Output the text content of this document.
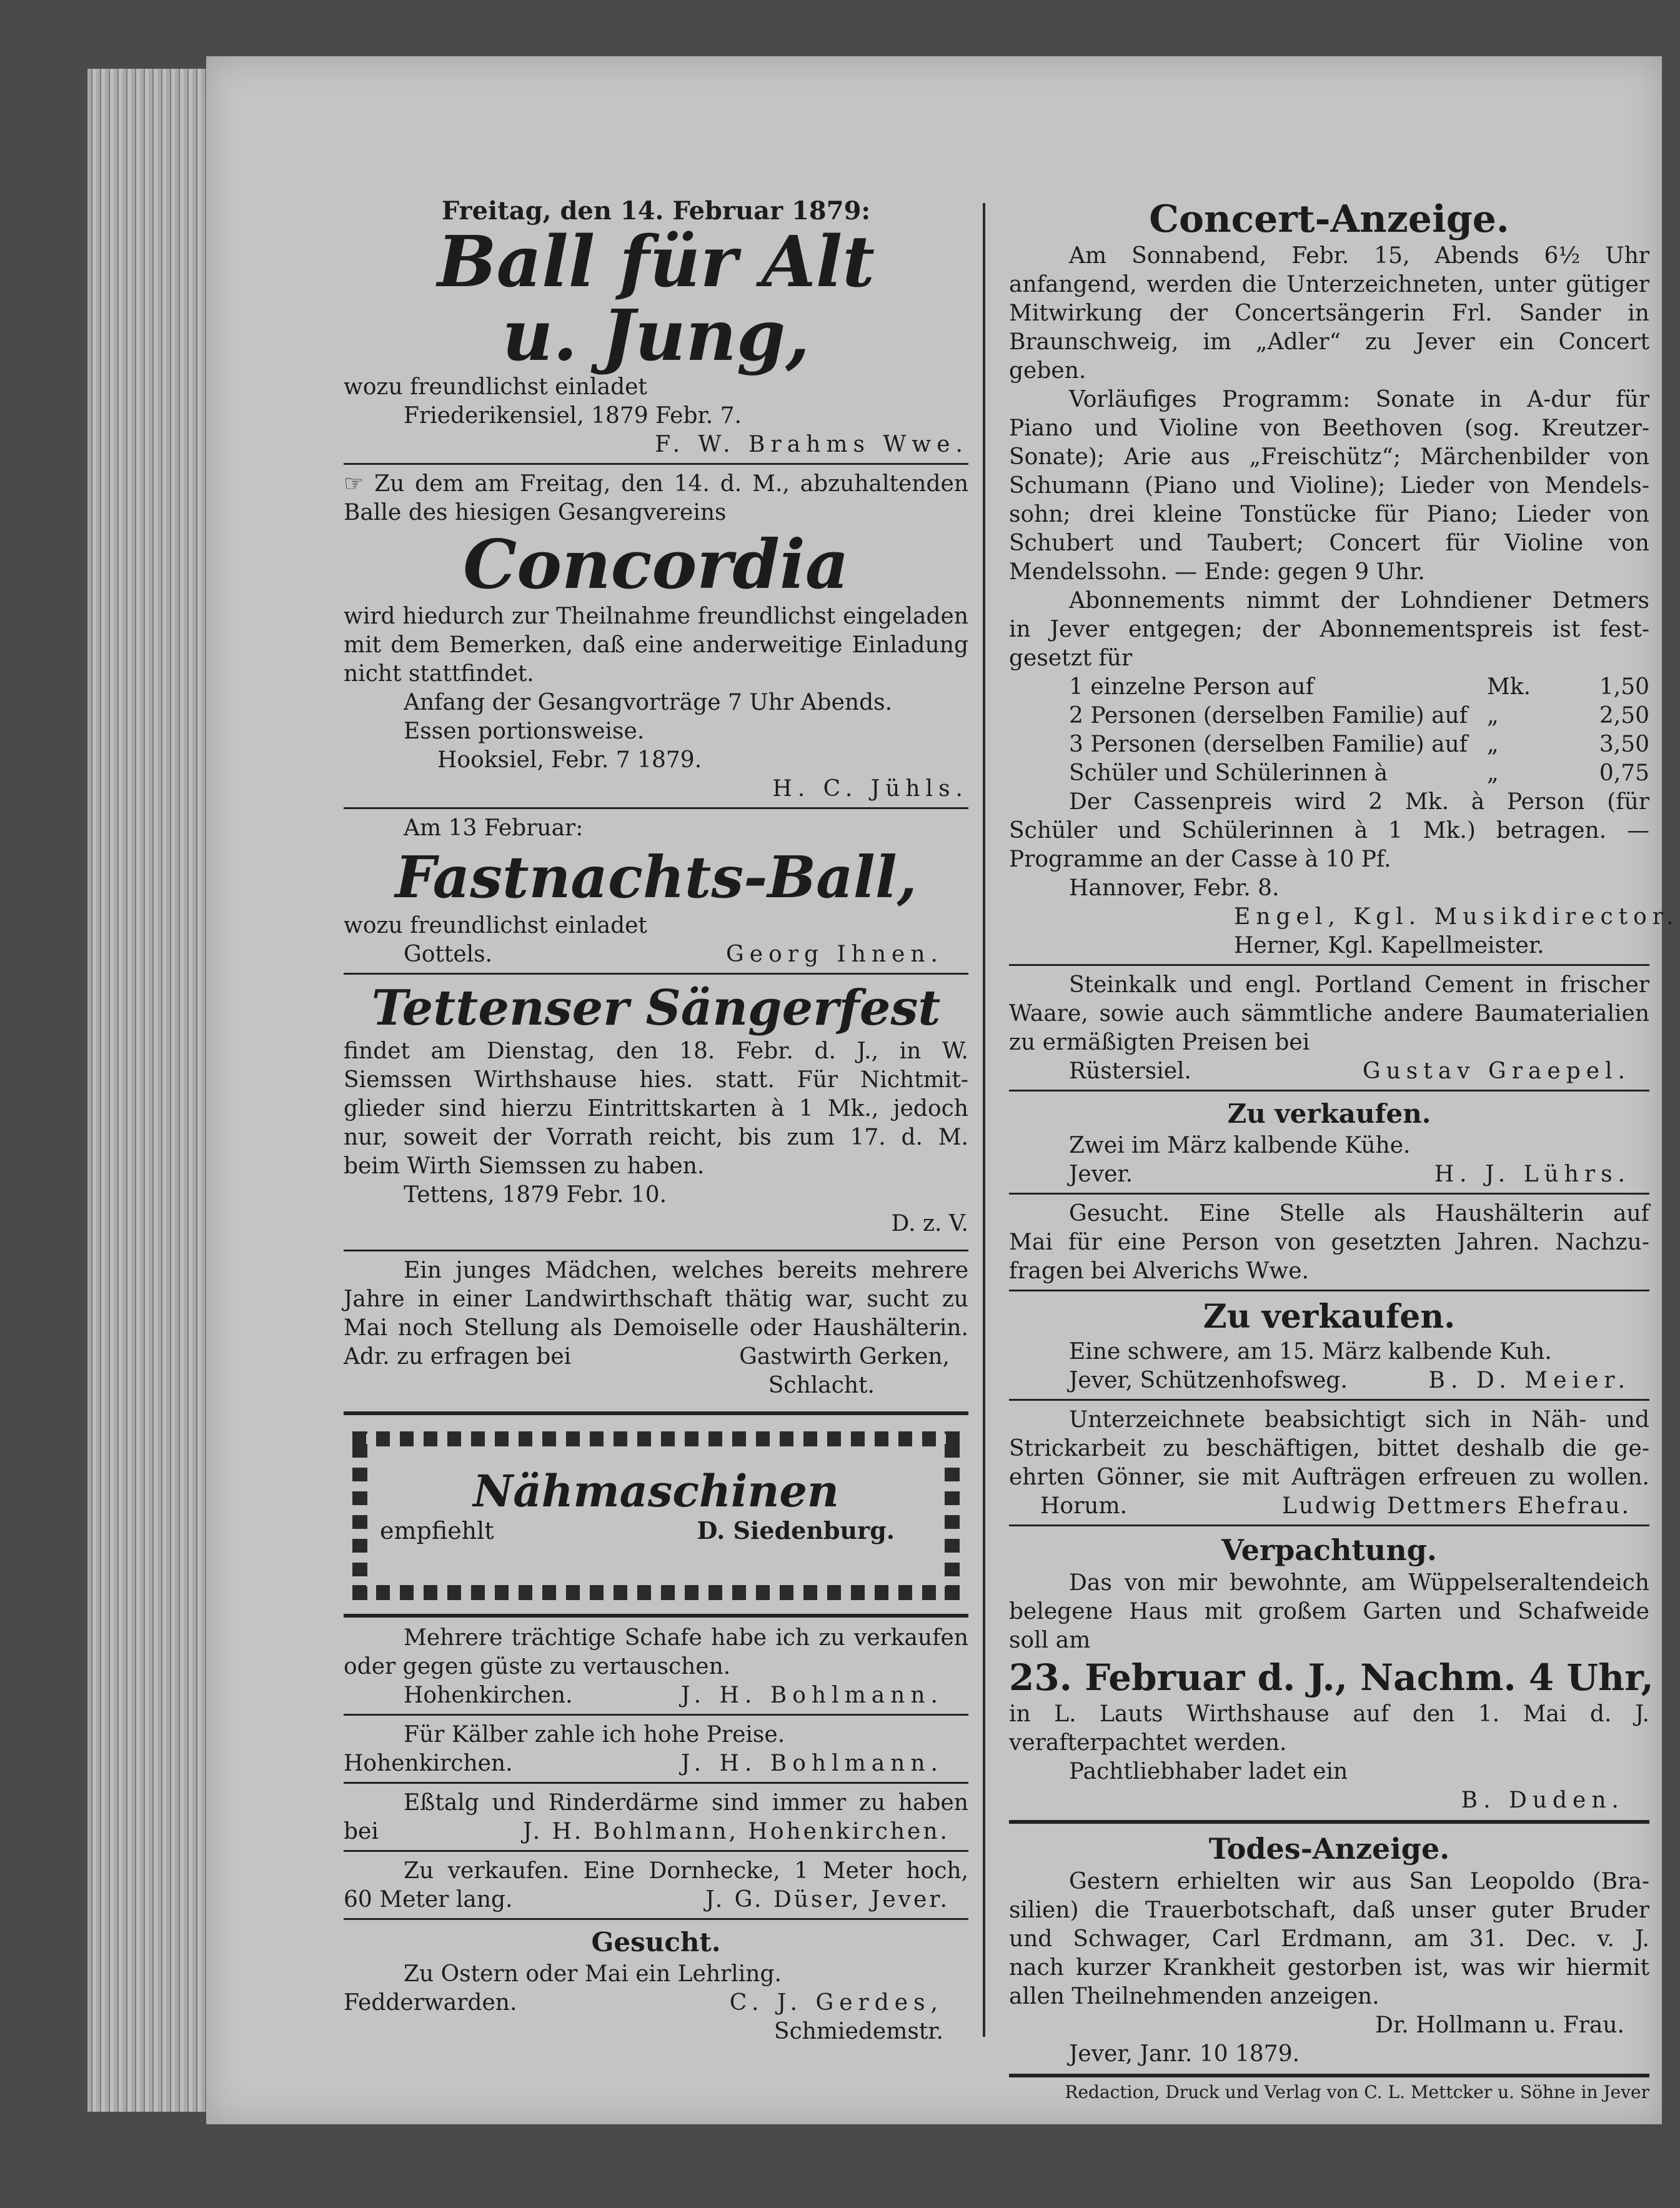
Freitag, den 14. Februar 1879:
Ball für Alt
u. Jung,
wozu freundlichst einladet
Friederikensiel, 1879 Febr. 7.
F. W. Brahms Wwe.
☞ Zu dem am Freitag, den 14. d. M., abzuhaltenden
Balle des hiesigen Gesangvereins
Concordia
wird hiedurch zur Theilnahme freundlichst eingeladen
mit dem Bemerken, daß eine anderweitige Einladung
nicht stattfindet.
Anfang der Gesangvorträge 7 Uhr Abends.
Essen portionsweise.
Hooksiel, Febr. 7 1879.
H. C. Jühls.
Am 13 Februar:
Fastnachts-Ball,
wozu freundlichst einladet
Gottels.	Georg Ihnen.
Tettenser Sängerfest
findet am Dienstag, den 18. Febr. d. J., in W.
Siemssen Wirthshause hies. statt. Für Nichtmit-
glieder sind hierzu Eintrittskarten à 1 Mk., jedoch
nur, soweit der Vorrath reicht, bis zum 17. d. M.
beim Wirth Siemssen zu haben.
Tettens, 1879 Febr. 10.
D. z. V.
Ein junges Mädchen, welches bereits mehrere
Jahre in einer Landwirthschaft thätig war, sucht zu
Mai noch Stellung als Demoiselle oder Haushälterin.
Adr. zu erfragen bei	Gastwirth Gerken,
Schlacht.
Nähmaschinen
empfiehlt	D. Siedenburg.
Mehrere trächtige Schafe habe ich zu verkaufen
oder gegen güste zu vertauschen.
Hohenkirchen.	J. H. Bohlmann.
Für Kälber zahle ich hohe Preise.
Hohenkirchen.	J. H. Bohlmann.
Eßtalg und Rinderdärme sind immer zu haben
bei	J. H. Bohlmann, Hohenkirchen.
Zu verkaufen. Eine Dornhecke, 1 Meter hoch,
60 Meter lang.	J. G. Düser, Jever.
Gesucht.
Zu Ostern oder Mai ein Lehrling.
Fedderwarden.	C. J. Gerdes,
Schmiedemstr.
Concert-Anzeige.
Am Sonnabend, Febr. 15, Abends 6½ Uhr
anfangend, werden die Unterzeichneten, unter gütiger
Mitwirkung der Concertsängerin Frl. Sander in
Braunschweig, im „Adler“ zu Jever ein Concert
geben.
Vorläufiges Programm: Sonate in A-dur für
Piano und Violine von Beethoven (sog. Kreutzer-
Sonate); Arie aus „Freischütz“; Märchenbilder von
Schumann (Piano und Violine); Lieder von Mendels-
sohn; drei kleine Tonstücke für Piano; Lieder von
Schubert und Taubert; Concert für Violine von
Mendelssohn. — Ende: gegen 9 Uhr.
Abonnements nimmt der Lohndiener Detmers
in Jever entgegen; der Abonnementspreis ist fest-
gesetzt für
1 einzelne Person auf	Mk.	1,50
2 Personen (derselben Familie) auf „	2,50
3 Personen (derselben Familie) auf „	3,50
Schüler und Schülerinnen à	„	0,75
Der Cassenpreis wird 2 Mk. à Person (für
Schüler und Schülerinnen à 1 Mk.) betragen. —
Programme an der Casse à 10 Pf.
Hannover, Febr. 8.
Engel, Kgl. Musikdirector.
Herner, Kgl. Kapellmeister.
Steinkalk und engl. Portland Cement in frischer
Waare, sowie auch sämmtliche andere Baumaterialien
zu ermäßigten Preisen bei
Rüstersiel.	Gustav Graepel.
Zu verkaufen.
Zwei im März kalbende Kühe.
Jever.	H. J. Lührs.
Gesucht. Eine Stelle als Haushälterin auf
Mai für eine Person von gesetzten Jahren. Nachzu-
fragen bei Alverichs Wwe.
Zu verkaufen.
Eine schwere, am 15. März kalbende Kuh.
Jever, Schützenhofsweg.	B. D. Meier.
Unterzeichnete beabsichtigt sich in Näh- und
Strickarbeit zu beschäftigen, bittet deshalb die ge-
ehrten Gönner, sie mit Aufträgen erfreuen zu wollen.
Horum.	Ludwig Dettmers Ehefrau.
Verpachtung.
Das von mir bewohnte, am Wüppelseraltendeich
belegene Haus mit großem Garten und Schafweide
soll am
23. Februar d. J., Nachm. 4 Uhr,
in L. Lauts Wirthshause auf den 1. Mai d. J.
verafterpachtet werden.
Pachtliebhaber ladet ein
B. Duden.
Todes-Anzeige.
Gestern erhielten wir aus San Leopoldo (Bra-
silien) die Trauerbotschaft, daß unser guter Bruder
und Schwager, Carl Erdmann, am 31. Dec. v. J.
nach kurzer Krankheit gestorben ist, was wir hiermit
allen Theilnehmenden anzeigen.
Dr. Hollmann u. Frau.
Jever, Janr. 10 1879.
Redaction, Druck und Verlag von C. L. Mettcker u. Söhne in Jever
